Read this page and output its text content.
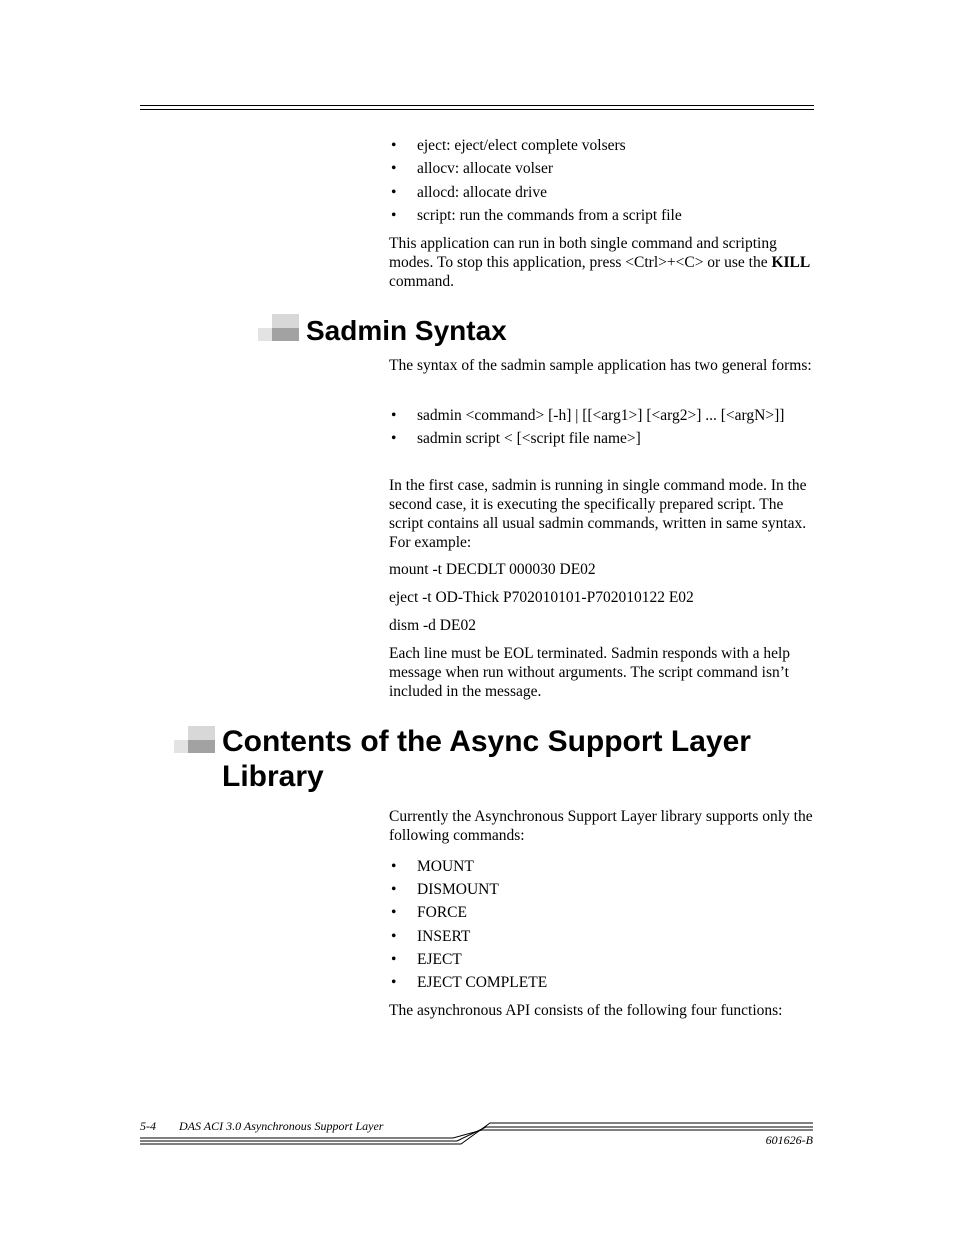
• eject: eject/elect complete volsers
• allocv: allocate volser
• allocd: allocate drive
• script: run the commands from a script file

This application can run in both single command and scripting modes. To stop this application, press <Ctrl>+<C> or use the KILL command.

Sadmin Syntax

The syntax of the sadmin sample application has two general forms:

• sadmin <command> [-h] | [[<arg1>] [<arg2>] ... [<argN>]]
• sadmin script < [<script file name>]

In the first case, sadmin is running in single command mode. In the second case, it is executing the specifically prepared script. The script contains all usual sadmin commands, written in same syntax. For example:

mount -t DECDLT 000030 DE02
eject -t OD-Thick P702010101-P702010122 E02
dism -d DE02

Each line must be EOL terminated. Sadmin responds with a help message when run without arguments. The script command isn’t included in the message.

Contents of the Async Support Layer
Library

Currently the Asynchronous Support Layer library supports only the following commands:

• MOUNT
• DISMOUNT
• FORCE
• INSERT
• EJECT
• EJECT COMPLETE

The asynchronous API consists of the following four functions:

5-4 DAS ACI 3.0 Asynchronous Support Layer
601626-B
